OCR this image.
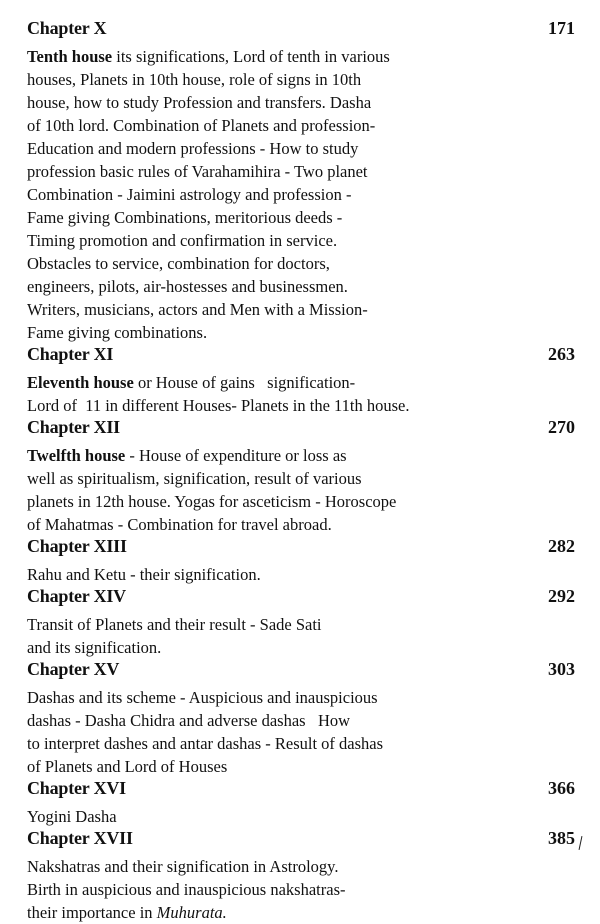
Chapter X	171
Tenth house its significations, Lord of tenth in various
houses, Planets in 10th house, role of signs in 10th
house, how to study Profession and transfers. Dasha
of 10th lord. Combination of Planets and profession-
Education and modern professions - How to study
profession basic rules of Varahamihira - Two planet
Combination - Jaimini astrology and profession -
Fame giving Combinations, meritorious deeds -
Timing promotion and confirmation in service.
Obstacles to service, combination for doctors,
engineers, pilots, air-hostesses and businessmen.
Writers, musicians, actors and Men with a Mission-
Fame giving combinations.
Chapter XI	263
Eleventh house or House of gains   signification-
Lord of  11 in different Houses- Planets in the 11th house.
Chapter XII	270
Twelfth house - House of expenditure or loss as
well as spiritualism, signification, result of various
planets in 12th house. Yogas for asceticism - Horoscope
of Mahatmas - Combination for travel abroad.
Chapter XIII	282
Rahu and Ketu - their signification.
Chapter XIV	292
Transit of Planets and their result - Sade Sati
and its signification.
Chapter XV	303
Dashas and its scheme - Auspicious and inauspicious
dashas - Dasha Chidra and adverse dashas   How
to interpret dashes and antar dashas - Result of dashas
of Planets and Lord of Houses
Chapter XVI	366
Yogini Dasha
Chapter XVII	385
Nakshatras and their signification in Astrology.
Birth in auspicious and inauspicious nakshatras-
their importance in Muhurata.
